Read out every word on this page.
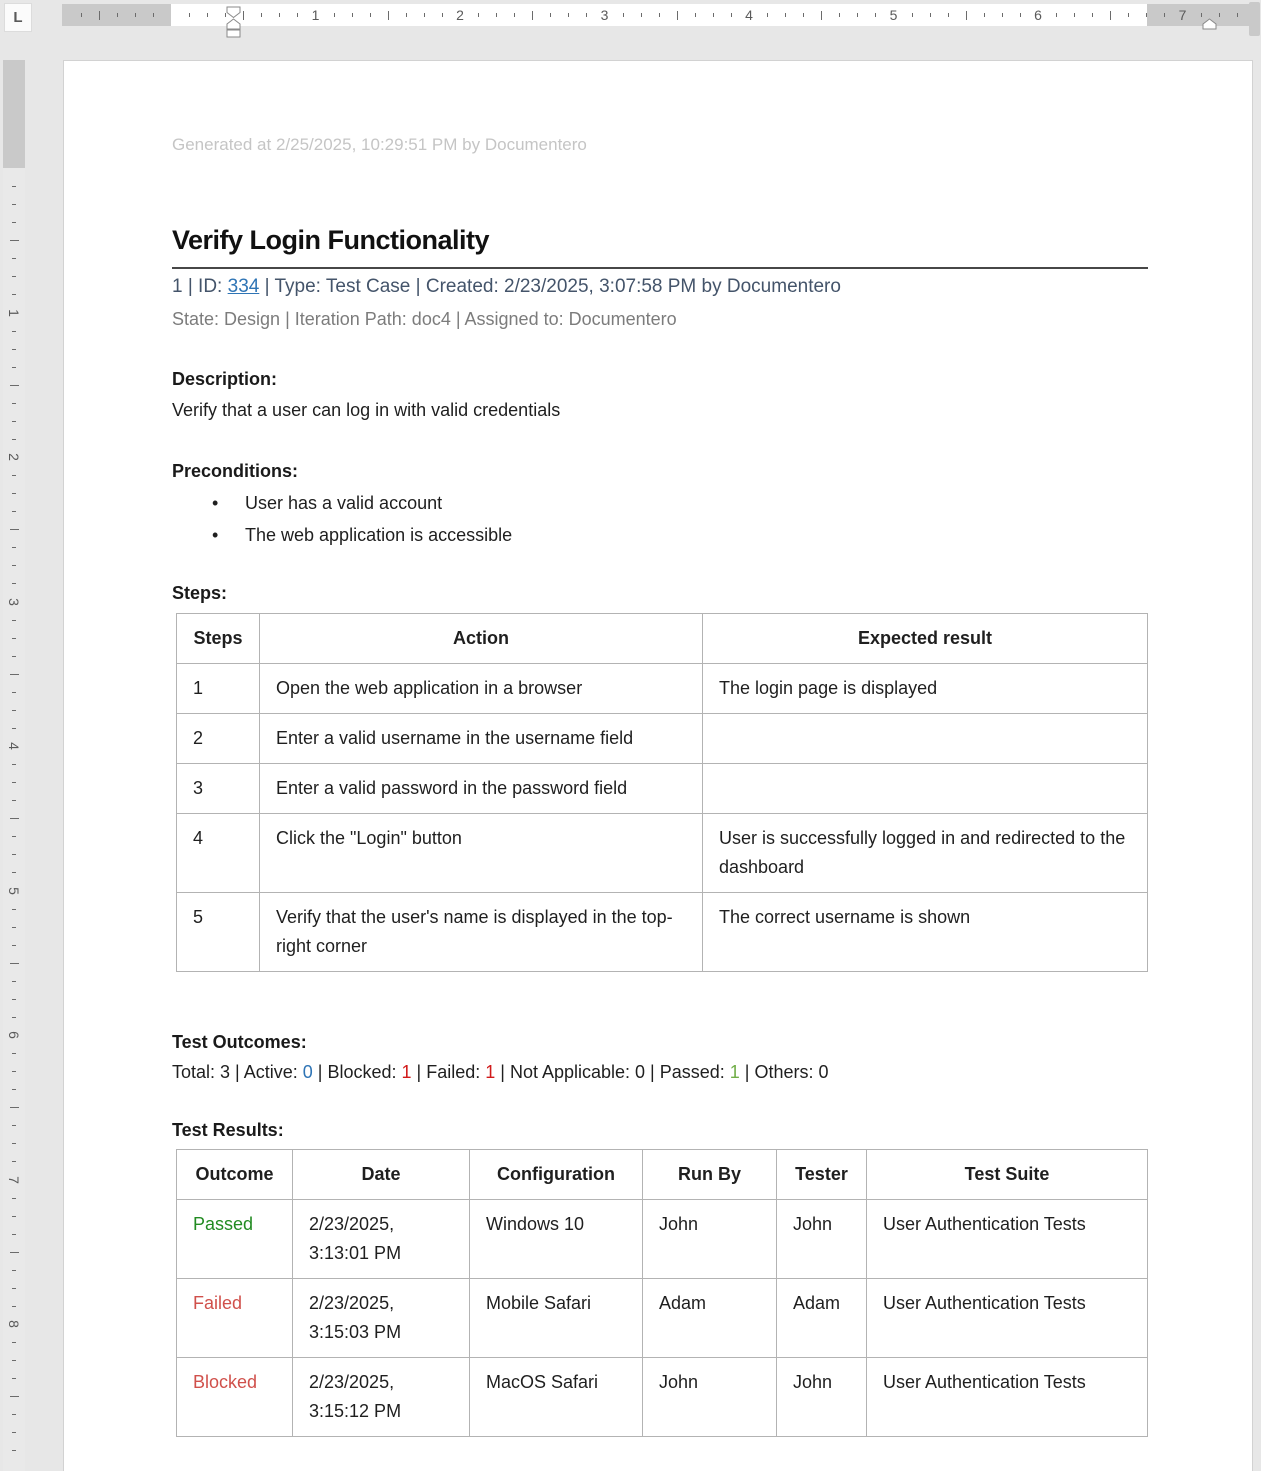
L	1	2	3	4	5	6	7
1
2
3
4
5
6
7
8

Generated at 2/25/2025, 10:29:51 PM by Documentero

Verify Login Functionality

1 | ID: 334 | Type: Test Case | Created: 2/23/2025, 3:07:58 PM by Documentero

State: Design | Iteration Path: doc4 | Assigned to: Documentero

Description:

Verify that a user can log in with valid credentials

Preconditions:

• User has a valid account
• The web application is accessible

Steps:

Steps	Action	Expected result
1	Open the web application in a browser	The login page is displayed
2	Enter a valid username in the username field	
3	Enter a valid password in the password field	
4	Click the "Login" button	User is successfully logged in and redirected to the dashboard
5	Verify that the user's name is displayed in the top-right corner	The correct username is shown

Test Outcomes:

Total: 3 | Active: 0 | Blocked: 1 | Failed: 1 | Not Applicable: 0 | Passed: 1 | Others: 0

Test Results:

Outcome	Date	Configuration	Run By	Tester	Test Suite
Passed	2/23/2025, 3:13:01 PM	Windows 10	John	John	User Authentication Tests
Failed	2/23/2025, 3:15:03 PM	Mobile Safari	Adam	Adam	User Authentication Tests
Blocked	2/23/2025, 3:15:12 PM	MacOS Safari	John	John	User Authentication Tests
